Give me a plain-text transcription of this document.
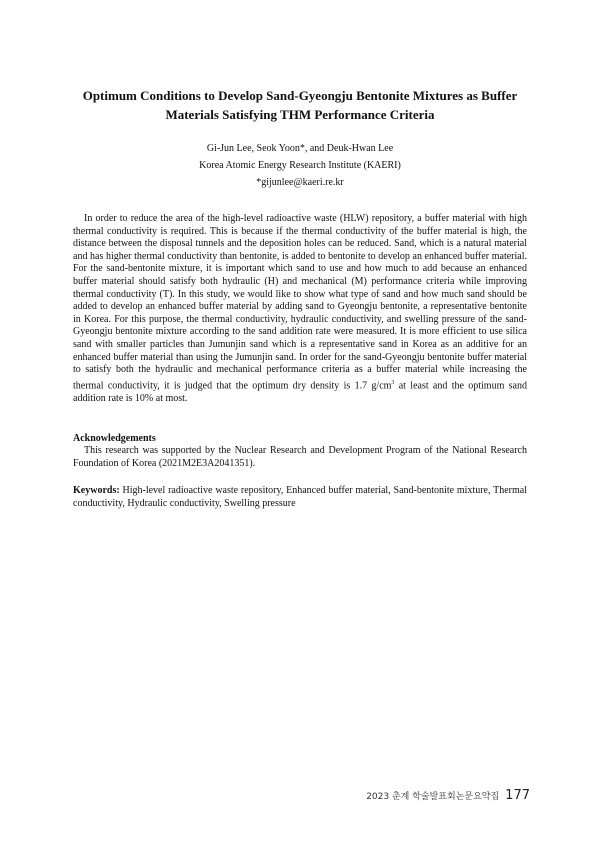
Optimum Conditions to Develop Sand-Gyeongju Bentonite Mixtures as Buffer Materials Satisfying THM Performance Criteria
Gi-Jun Lee, Seok Yoon*, and Deuk-Hwan Lee
Korea Atomic Energy Research Institute (KAERI)
*gijunlee@kaeri.re.kr

In order to reduce the area of the high-level radioactive waste (HLW) repository, a buffer material with high thermal conductivity is required. This is because if the thermal conductivity of the buffer material is high, the distance between the disposal tunnels and the deposition holes can be reduced. Sand, which is a natural material and has higher thermal conductivity than bentonite, is added to bentonite to develop an enhanced buffer material. For the sand-bentonite mixture, it is important which sand to use and how much to add because an enhanced buffer material should satisfy both hydraulic (H) and mechanical (M) performance criteria while improving thermal conductivity (T). In this study, we would like to show what type of sand and how much sand should be added to develop an enhanced buffer material by adding sand to Gyeongju bentonite, a representative bentonite in Korea. For this purpose, the thermal conductivity, hydraulic conductivity, and swelling pressure of the sand-Gyeongju bentonite mixture according to the sand addition rate were measured. It is more efficient to use silica sand with smaller particles than Jumunjin sand which is a representative sand in Korea as an additive for an enhanced buffer material than using the Jumunjin sand. In order for the sand-Gyeongju bentonite buffer material to satisfy both the hydraulic and mechanical performance criteria as a buffer material while increasing the thermal conductivity, it is judged that the optimum dry density is 1.7 $g/cm^3$ at least and the optimum sand addition rate is 10% at most.

Acknowledgements

This research was supported by the Nuclear Research and Development Program of the National Research Foundation of Korea (2021M2E3A2041351).

Keywords: High-level radioactive waste repository, Enhanced buffer material, Sand-bentonite mixture, Thermal conductivity, Hydraulic conductivity, Swelling pressure

2023 춘계 학술발표회논문요약집 177
